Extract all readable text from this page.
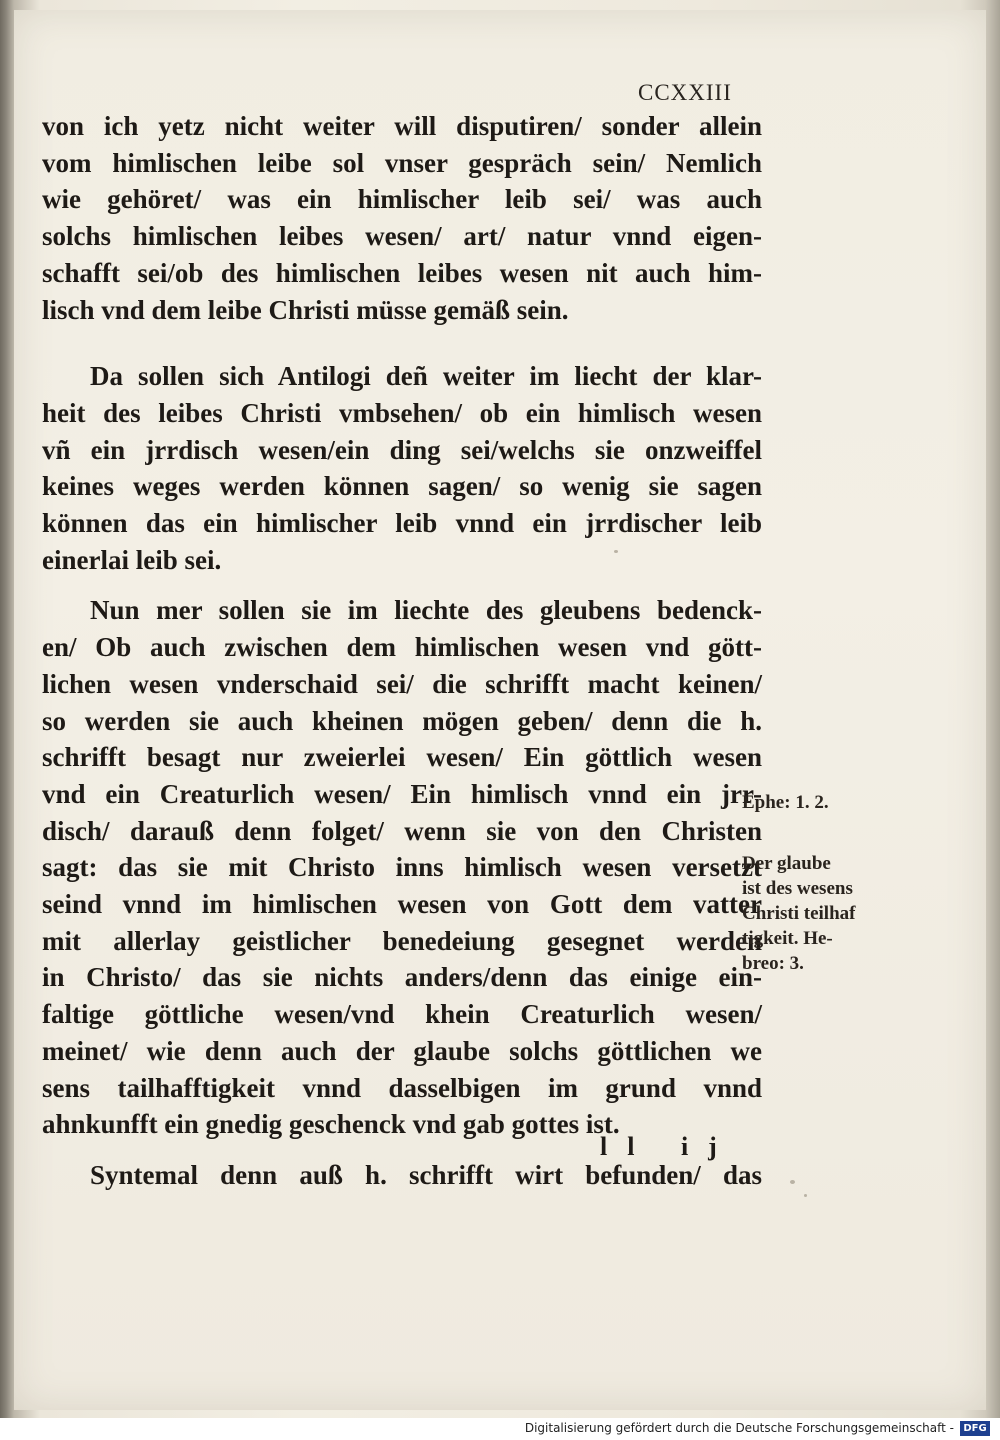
CCXXIII

von ich yetz nicht weiter will disputiren/ sonder allein
vom himlischen leibe sol vnser gespräch sein/ Nemlich
wie gehöret/ was ein himlischer leib sei/ was auch
solchs himlischen leibes wesen/ art/ natur vnnd eigen-
schafft sei/ob des himlischen leibes wesen nit auch him-
lisch vnd dem leibe Christi müsse gemäß sein.

Da sollen sich Antilogi deñ weiter im liecht der klar-
heit des leibes Christi vmbsehen/ ob ein himlisch wesen
vñ ein jrrdisch wesen/ein ding sei/welchs sie onzweiffel
keines weges werden können sagen/ so wenig sie sagen
können das ein himlischer leib vnnd ein jrrdischer leib
einerlai leib sei.

Nun mer sollen sie im liechte des gleubens bedenck-
en/ Ob auch zwischen dem himlischen wesen vnd gött-
lichen wesen vnderschaid sei/ die schrifft macht keinen/
so werden sie auch kheinen mögen geben/ denn die h.
schrifft besagt nur zweierlei wesen/ Ein göttlich wesen
vnd ein Creaturlich wesen/ Ein himlisch vnnd ein jrr-
disch/ darauß denn folget/ wenn sie von den Christen
sagt: das sie mit Christo inns himlisch wesen versetzt
seind vnnd im himlischen wesen von Gott dem vatter
mit allerlay geistlicher benedeiung gesegnet werden
in Christo/ das sie nichts anders/denn das einige ein-
faltige göttliche wesen/vnd khein Creaturlich wesen/
meinet/ wie denn auch der glaube solchs göttlichen we
sens tailhafftigkeit vnnd dasselbigen im grund vnnd
ahnkunfft ein gnedig geschenck vnd gab gottes ist.

Syntemal denn auß h. schrifft wirt befunden/ das

ll ij
Ephe: 1. 2.
Der glaube
ist des wesens
Christi teilhaf
tigkeit. He-
breo: 3.
Digitalisierung gefördert durch die Deutsche Forschungsgemeinschaft - DFG
